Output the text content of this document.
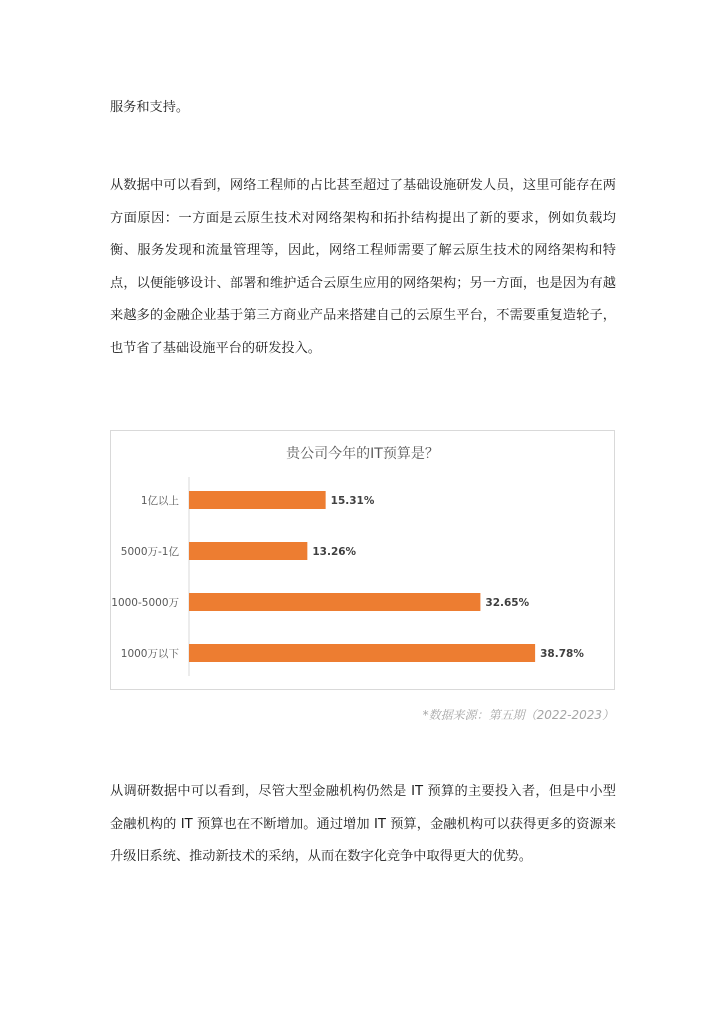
服务和支持。

从数据中可以看到，网络工程师的占比甚至超过了基础设施研发人员，这里可能存在两方面原因：一方面是云原生技术对网络架构和拓扑结构提出了新的要求，例如负载均衡、服务发现和流量管理等，因此，网络工程师需要了解云原生技术的网络架构和特点，以便能够设计、部署和维护适合云原生应用的网络架构；另一方面，也是因为有越来越多的金融企业基于第三方商业产品来搭建自己的云原生平台，不需要重复造轮子，也节省了基础设施平台的研发投入。

贵公司今年的IT预算是？
1亿以上	15.31%
5000万-1亿	13.26%
1000-5000万	32.65%
1000万以下	38.78%
*数据来源：第五期（2022-2023）

从调研数据中可以看到，尽管大型金融机构仍然是 IT 预算的主要投入者，但是中小型金融机构的 IT 预算也在不断增加。通过增加 IT 预算，金融机构可以获得更多的资源来升级旧系统、推动新技术的采纳，从而在数字化竞争中取得更大的优势。
